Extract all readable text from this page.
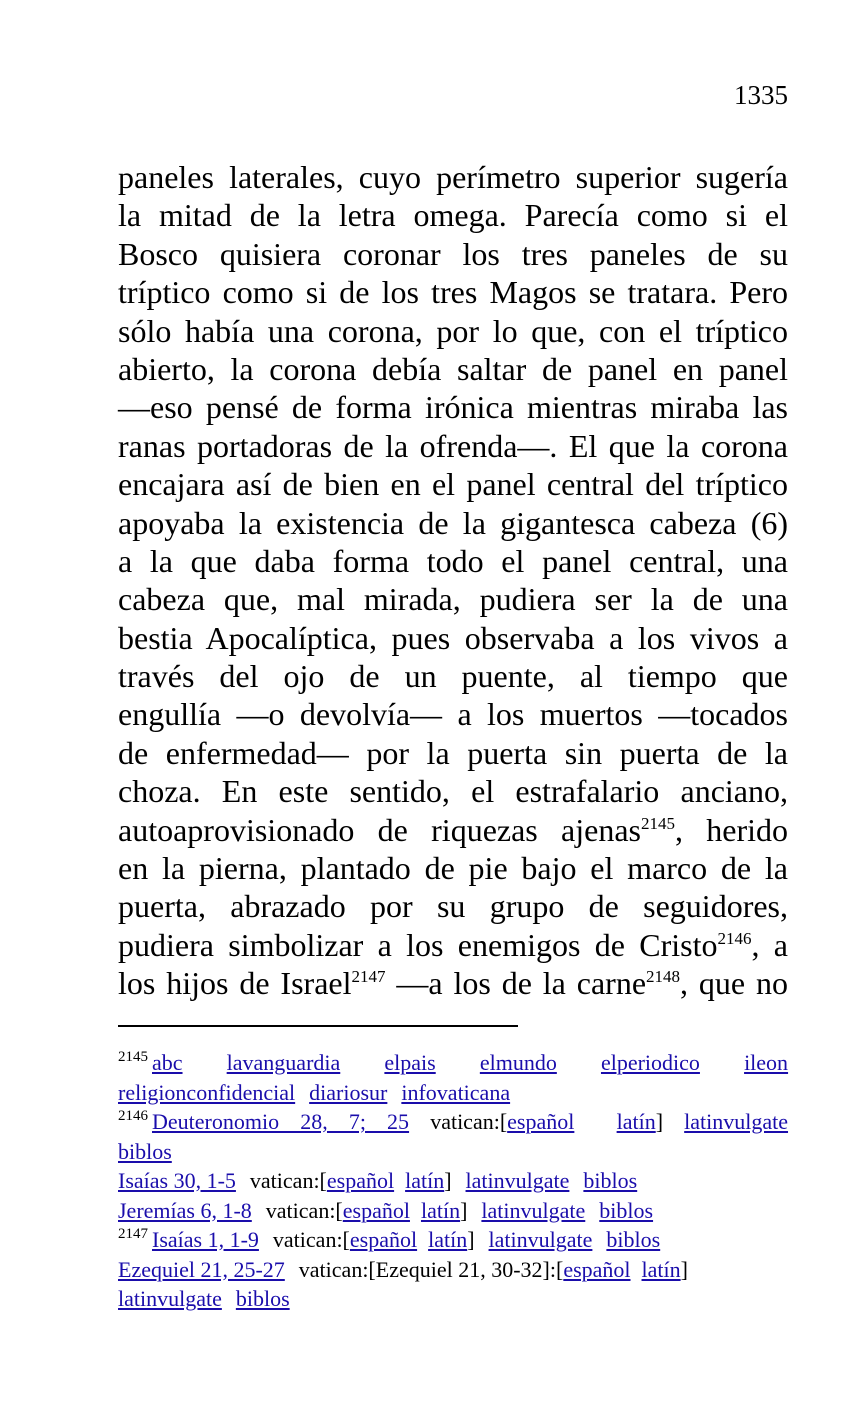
1335
paneles laterales, cuyo perímetro superior sugería
la mitad de la letra omega. Parecía como si el
Bosco quisiera coronar los tres paneles de su
tríptico como si de los tres Magos se tratara. Pero
sólo había una corona, por lo que, con el tríptico
abierto, la corona debía saltar de panel en panel
―eso pensé de forma irónica mientras miraba las
ranas portadoras de la ofrenda―. El que la corona
encajara así de bien en el panel central del tríptico
apoyaba la existencia de la gigantesca cabeza (6)
a la que daba forma todo el panel central, una
cabeza que, mal mirada, pudiera ser la de una
bestia Apocalíptica, pues observaba a los vivos a
través del ojo de un puente, al tiempo que
engullía ―o devolvía― a los muertos ―tocados
de enfermedad― por la puerta sin puerta de la
choza. En este sentido, el estrafalario anciano,
autoaprovisionado de riquezas ajenas$^{2145}$, herido
en la pierna, plantado de pie bajo el marco de la
puerta, abrazado por su grupo de seguidores,
pudiera simbolizar a los enemigos de Cristo$^{2146}$, a
los hijos de Israel$^{2147}$ ―a los de la carne$^{2148}$, que no
$^{2145}$ abc lavanguardia elpais elmundo elperiodico ileon
religionconfidencial diariosur infovaticana
$^{2146}$ Deuteronomio 28, 7; 25 vatican:[español latín] latinvulgate
biblos
Isaías 30, 1-5 vatican:[español latín] latinvulgate biblos
Jeremías 6, 1-8 vatican:[español latín] latinvulgate biblos
$^{2147}$ Isaías 1, 1-9 vatican:[español latín] latinvulgate biblos
Ezequiel 21, 25-27 vatican:[Ezequiel 21, 30-32]:[español latín]
latinvulgate biblos
